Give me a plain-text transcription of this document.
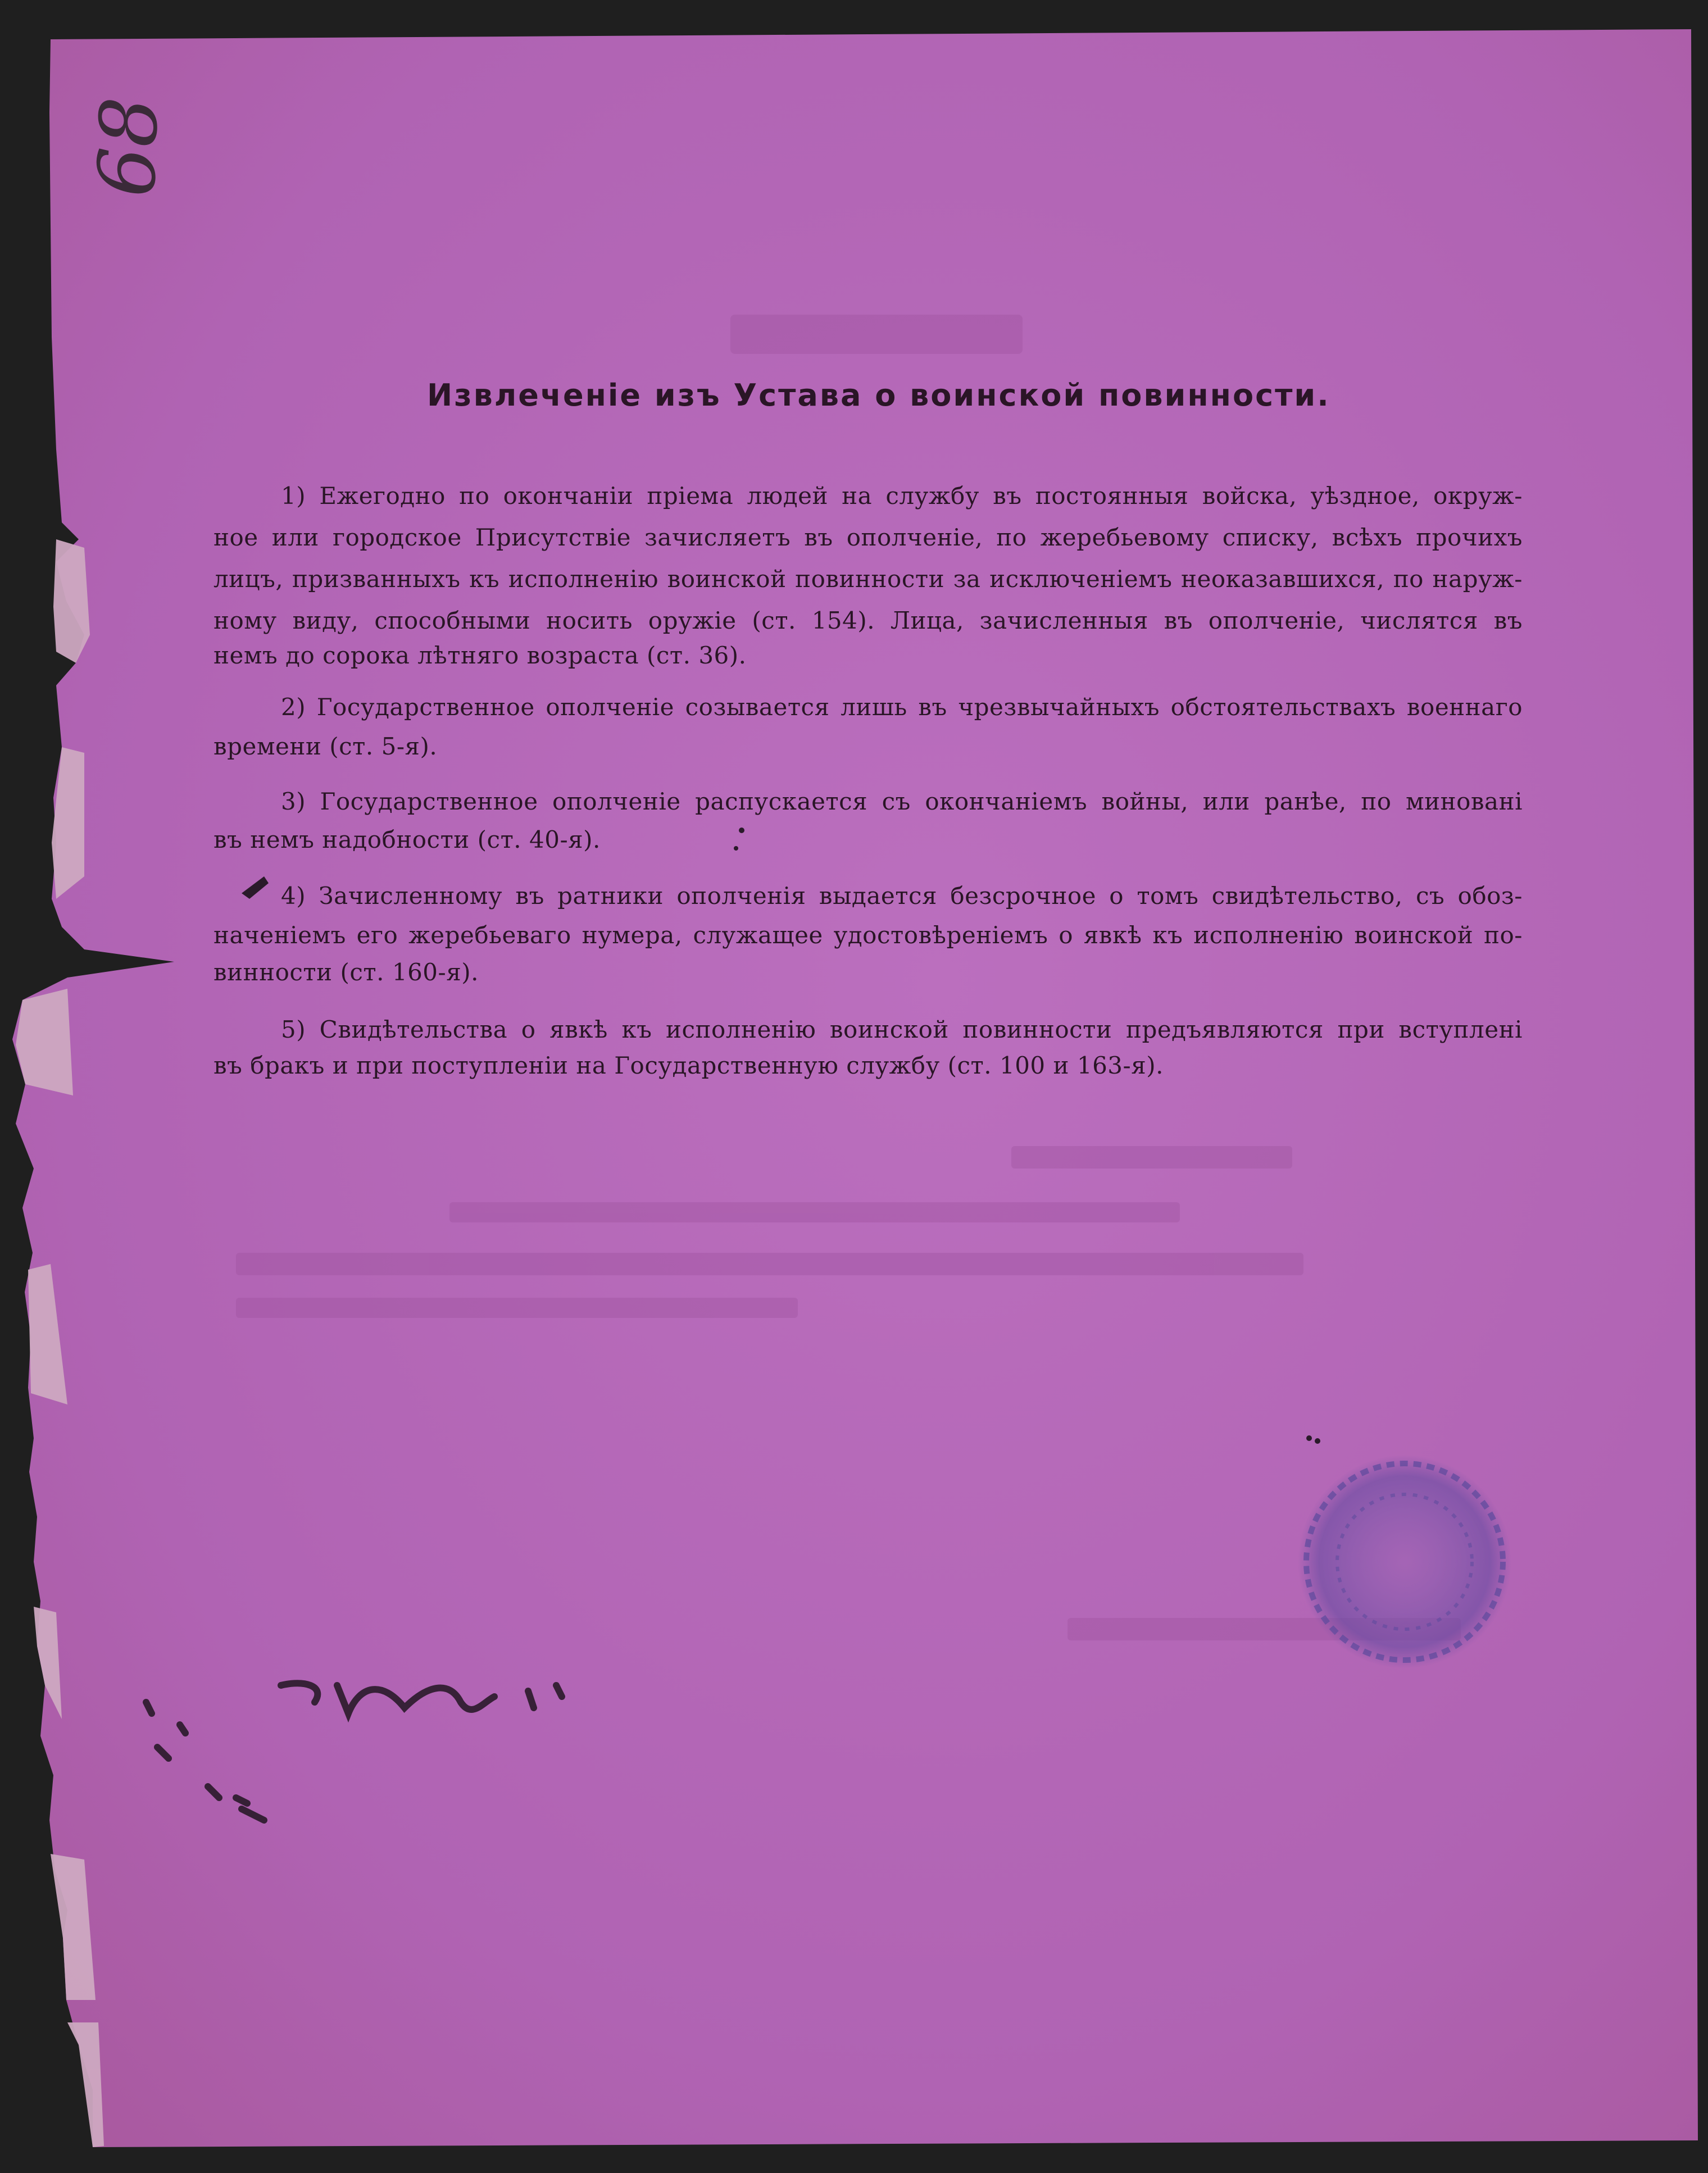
68
Извлеченіе изъ Устава о воинской повинности.
1) Ежегодно по окончаніи пріема людей на службу въ постоянныя войска, уѣздное, окруж-
ное или городское Присутствіе зачисляетъ въ ополченіе, по жеребьевому списку, всѣхъ прочихъ
лицъ, призванныхъ къ исполненію воинской повинности за исключеніемъ неоказавшихся, по наруж-
ному виду, способными носить оружіе (ст. 154). Лица, зачисленныя въ ополченіе, числятся въ
немъ до сорока лѣтняго возраста (ст. 36).
2) Государственное ополченіе созывается лишь въ чрезвычайныхъ обстоятельствахъ военнаго
времени (ст. 5-я).
3) Государственное ополченіе распускается съ окончаніемъ войны, или ранѣе, по миновані
въ немъ надобности (ст. 40-я).
4) Зачисленному въ ратники ополченія выдается безсрочное о томъ свидѣтельство, съ обоз-
наченіемъ его жеребьеваго нумера, служащее удостовѣреніемъ о явкѣ къ исполненію воинской по-
винности (ст. 160-я).
5) Свидѣтельства о явкѣ къ исполненію воинской повинности предъявляются при вступлені
въ бракъ и при поступленіи на Государственную службу (ст. 100 и 163-я).
